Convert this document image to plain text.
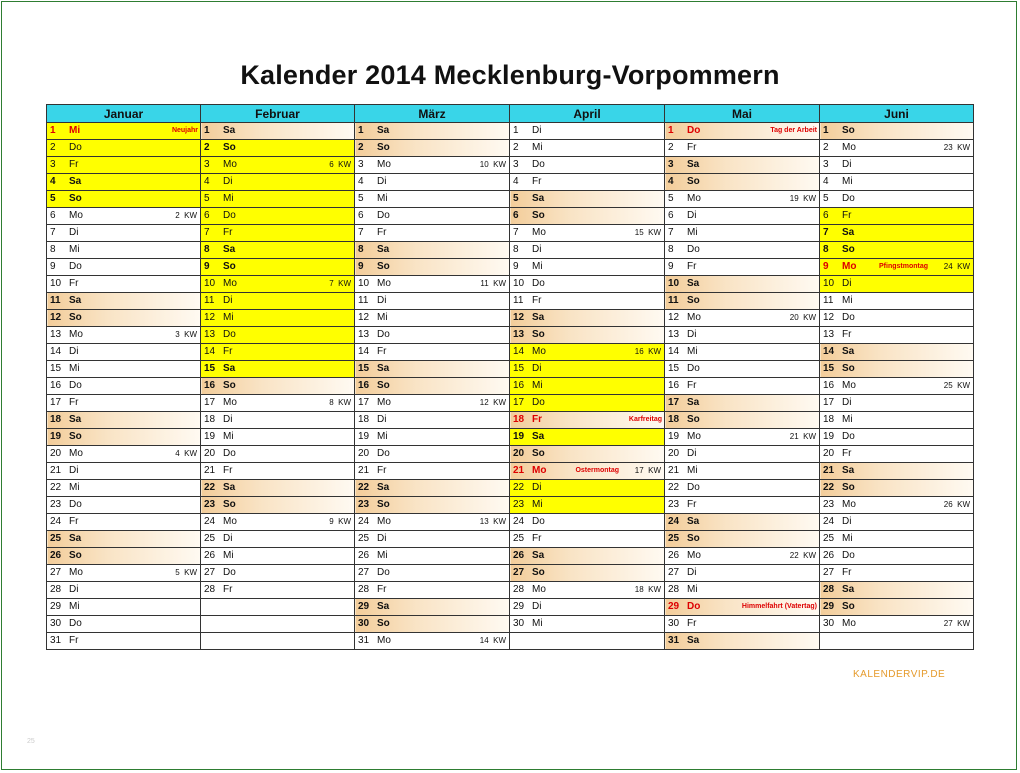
Kalender 2014 Mecklenburg-Vorpommern
Januar	Februar	März	April	Mai	Juni

1 Mi Neujahr	1 Sa	1 Sa	1 Di	1 Do Tag der Arbeit	1 So

2 Do	2 So	2 So	2 Mi	2 Fr	2 Mo 23 KW

3 Fr	3 Mo 6 KW	3 Mo 10 KW	3 Do	3 Sa	3 Di

4 Sa	4 Di	4 Di	4 Fr	4 So	4 Mi

5 So	5 Mi	5 Mi	5 Sa	5 Mo 19 KW	5 Do

6 Mo 2 KW	6 Do	6 Do	6 So	6 Di	6 Fr

7 Di	7 Fr	7 Fr	7 Mo 15 KW	7 Mi	7 Sa

8 Mi	8 Sa	8 Sa	8 Di	8 Do	8 So

9 Do	9 So	9 So	9 Mi	9 Fr	9 Mo Pfingstmontag 24 KW

10 Fr	10 Mo 7 KW	10 Mo 11 KW	10 Do	10 Sa	10 Di

11 Sa	11 Di	11 Di	11 Fr	11 So	11 Mi

12 So	12 Mi	12 Mi	12 Sa	12 Mo 20 KW	12 Do

13 Mo 3 KW	13 Do	13 Do	13 So	13 Di	13 Fr

14 Di	14 Fr	14 Fr	14 Mo 16 KW	14 Mi	14 Sa

15 Mi	15 Sa	15 Sa	15 Di	15 Do	15 So

16 Do	16 So	16 So	16 Mi	16 Fr	16 Mo 25 KW

17 Fr	17 Mo 8 KW	17 Mo 12 KW	17 Do	17 Sa	17 Di

18 Sa	18 Di	18 Di	18 Fr Karfreitag	18 So	18 Mi

19 So	19 Mi	19 Mi	19 Sa	19 Mo 21 KW	19 Do

20 Mo 4 KW	20 Do	20 Do	20 So	20 Di	20 Fr

21 Di	21 Fr	21 Fr	21 Mo Ostermontag 17 KW	21 Mi	21 Sa

22 Mi	22 Sa	22 Sa	22 Di	22 Do	22 So

23 Do	23 So	23 So	23 Mi	23 Fr	23 Mo 26 KW

24 Fr	24 Mo 9 KW	24 Mo 13 KW	24 Do	24 Sa	24 Di

25 Sa	25 Di	25 Di	25 Fr	25 So	25 Mi

26 So	26 Mi	26 Mi	26 Sa	26 Mo 22 KW	26 Do

27 Mo 5 KW	27 Do	27 Do	27 So	27 Di	27 Fr

28 Di	28 Fr	28 Fr	28 Mo 18 KW	28 Mi	28 Sa

29 Mi		29 Sa	29 Di	29 Do Himmelfahrt (Vatertag)	29 So

30 Do		30 So	30 Mi	30 Fr	30 Mo 27 KW

31 Fr		31 Mo 14 KW		31 Sa	

KALENDERVIP.DE
25
